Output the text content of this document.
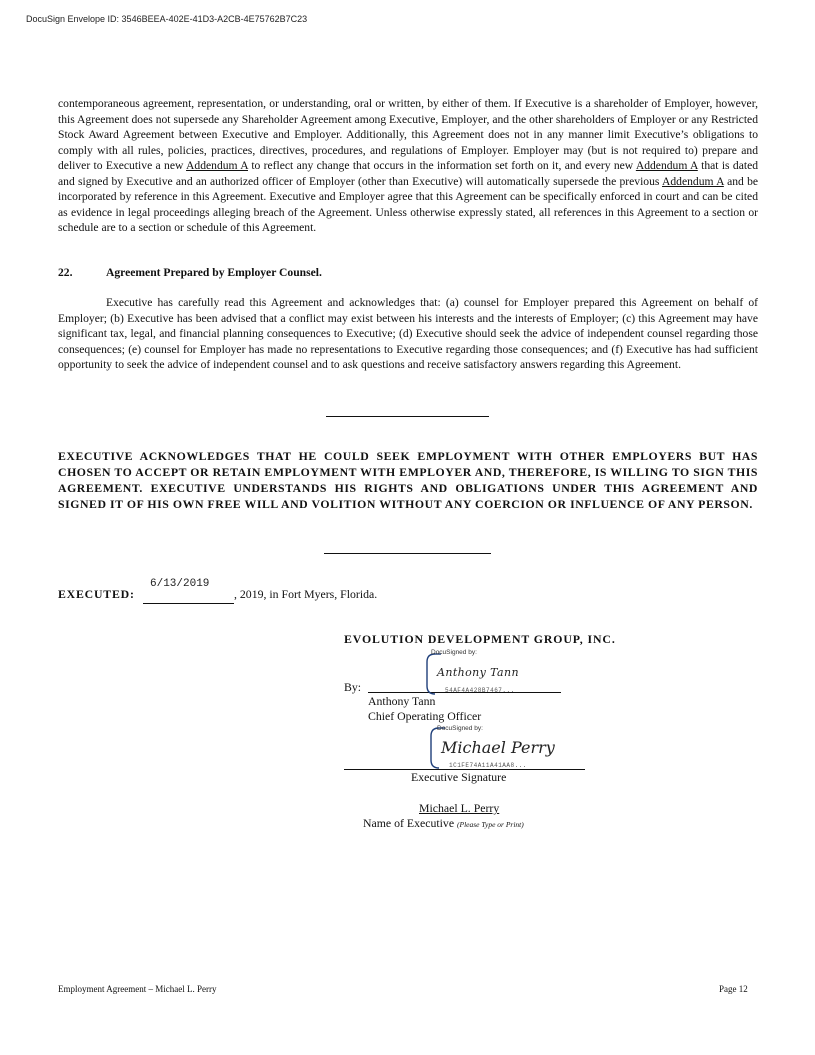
DocuSign Envelope ID: 3546BEEA-402E-41D3-A2CB-4E75762B7C23

contemporaneous agreement, representation, or understanding, oral or written, by either of them. If Executive is a shareholder of Employer, however, this Agreement does not supersede any Shareholder Agreement among Executive, Employer, and the other shareholders of Employer or any Restricted Stock Award Agreement between Executive and Employer. Additionally, this Agreement does not in any manner limit Executive’s obligations to comply with all rules, policies, practices, directives, procedures, and regulations of Employer. Employer may (but is not required to) prepare and deliver to Executive a new Addendum A to reflect any change that occurs in the information set forth on it, and every new Addendum A that is dated and signed by Executive and an authorized officer of Employer (other than Executive) will automatically supersede the previous Addendum A and be incorporated by reference in this Agreement. Executive and Employer agree that this Agreement can be specifically enforced in court and can be cited as evidence in legal proceedings alleging breach of the Agreement. Unless otherwise expressly stated, all references in this Agreement to a section or schedule are to a section or schedule of this Agreement.

22.	Agreement Prepared by Employer Counsel.

Executive has carefully read this Agreement and acknowledges that: (a) counsel for Employer prepared this Agreement on behalf of Employer; (b) Executive has been advised that a conflict may exist between his interests and the interests of Employer; (c) this Agreement may have significant tax, legal, and financial planning consequences to Executive; (d) Executive should seek the advice of independent counsel regarding those consequences; (e) counsel for Employer has made no representations to Executive regarding those consequences; and (f) Executive has had sufficient opportunity to seek the advice of independent counsel and to ask questions and receive satisfactory answers regarding this Agreement.

EXECUTIVE ACKNOWLEDGES THAT HE COULD SEEK EMPLOYMENT WITH OTHER EMPLOYERS BUT HAS CHOSEN TO ACCEPT OR RETAIN EMPLOYMENT WITH EMPLOYER AND, THEREFORE, IS WILLING TO SIGN THIS AGREEMENT. EXECUTIVE UNDERSTANDS HIS RIGHTS AND OBLIGATIONS UNDER THIS AGREEMENT AND SIGNED IT OF HIS OWN FREE WILL AND VOLITION WITHOUT ANY COERCION OR INFLUENCE OF ANY PERSON.

EXECUTED:
6/13/2019
, 2019, in Fort Myers, Florida.
EVOLUTION DEVELOPMENT GROUP, INC.
By:
DocuSigned by:
Anthony Tann
54AF4A428B7467...
Anthony Tann
Chief Operating Officer
DocuSigned by:
Michael Perry
1C1FE74A11A41AA8...
Executive Signature
Michael L. Perry
Name of Executive (Please Type or Print)
Employment Agreement – Michael L. Perry	Page 12
